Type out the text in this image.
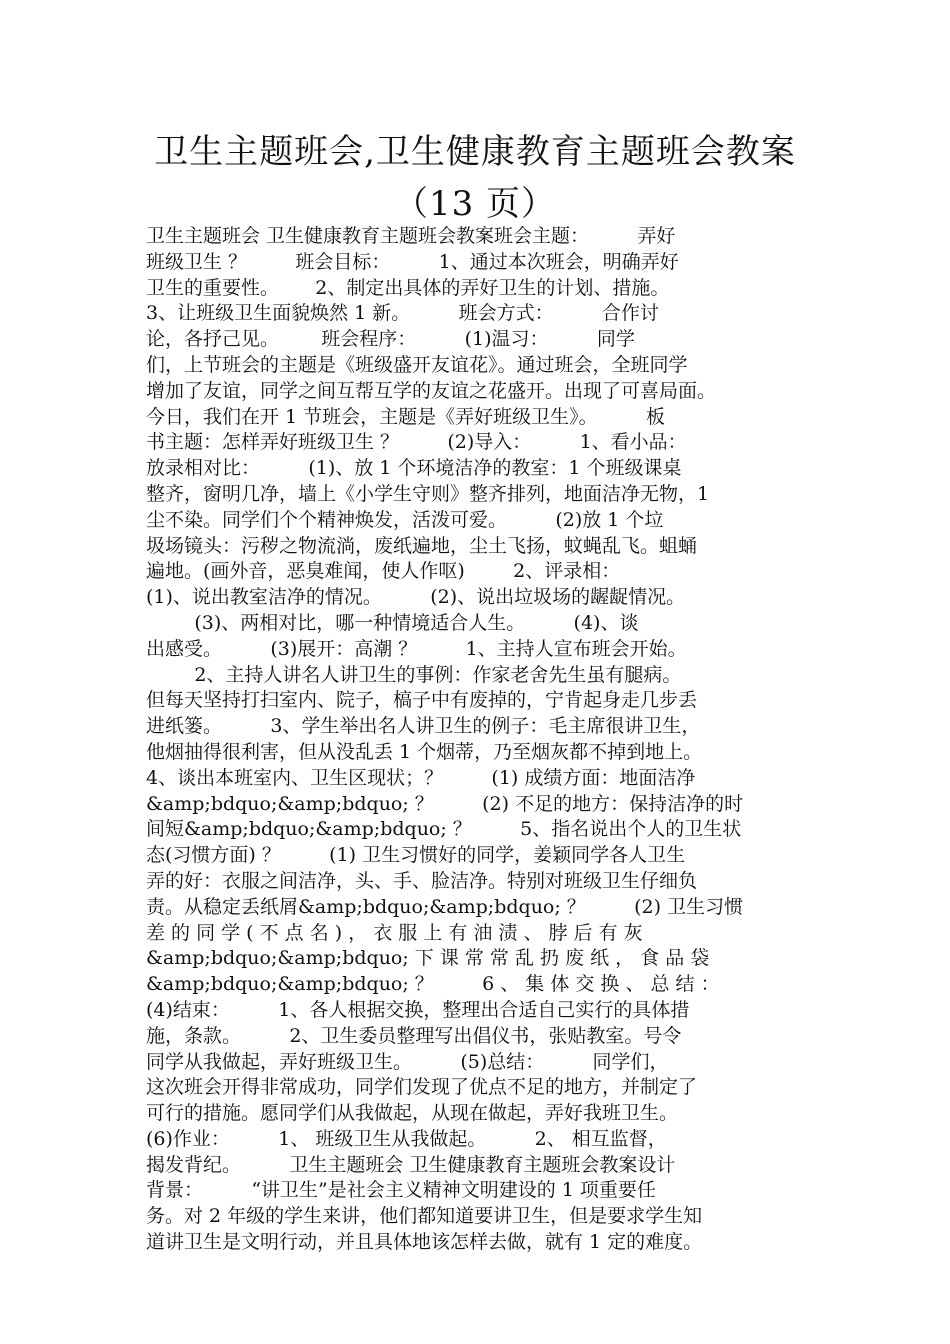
卫生主题班会,卫生健康教育主题班会教案
（13 页）
卫生主题班会 卫生健康教育主题班会教案班会主题：        弄好
班级卫生 ？        班会目标：        1、通过本次班会，明确弄好
卫生的重要性。      2、制定出具体的弄好卫生的计划、措施。
3、让班级卫生面貌焕然 1 新。        班会方式：        合作讨
论，各抒己见。       班会程序：        (1)温习：        同学
们，上节班会的主题是《班级盛开友谊花》。通过班会，全班同学
增加了友谊，同学之间互帮互学的友谊之花盛开。出现了可喜局面。
今日，我们在开 1 节班会，主题是《弄好班级卫生》。        板
书主题：怎样弄好班级卫生 ？        (2)导入：        1、看小品：
放录相对比：        (1)、放 1 个环境洁净的教室：1 个班级课桌
整齐，窗明几净，墙上《小学生守则》整齐排列，地面洁净无物，1
尘不染。同学们个个精神焕发，活泼可爱。        (2)放 1 个垃
圾场镜头：污秽之物流淌，废纸遍地，尘土飞扬，蚊蝇乱飞。蛆蛹
遍地。(画外音，恶臭难闻，使人作呕)        2、评录相：
(1)、说出教室洁净的情况。        (2)、说出垃圾场的龌龊情况。
(3)、两相对比，哪一种情境适合人生。        (4)、谈
出感受。        (3)展开：高潮 ？        1、主持人宣布班会开始。
2、主持人讲名人讲卫生的事例：作家老舍先生虽有腿病。
但每天坚持打扫室内、院子，槁子中有废掉的，宁肯起身走几步丢
进纸篓。        3、学生举出名人讲卫生的例子：毛主席很讲卫生，
他烟抽得很利害，但从没乱丢 1 个烟蒂，乃至烟灰都不掉到地上。
4、谈出本班室内、卫生区现状；？        (1) 成绩方面：地面洁净
&amp;bdquo;&amp;bdquo; ？        (2) 不足的地方：保持洁净的时
间短&amp;bdquo;&amp;bdquo; ？        5、指名说出个人的卫生状
态(习惯方面) ？        (1) 卫生习惯好的同学，姜颖同学各人卫生
弄的好：衣服之间洁净，头、手、脸洁净。特别对班级卫生仔细负
责。从稳定丢纸屑&amp;bdquo;&amp;bdquo; ？        (2) 卫生习惯
差 的 同 学 ( 不 点 名 ) ， 衣 服 上 有 油 渍 、 脖 后 有 灰
&amp;bdquo;&amp;bdquo; 下 课 常 常 乱 扔 废 纸 ， 食 品 袋
&amp;bdquo;&amp;bdquo; ？        6 、 集 体 交 换 、 总 结 ：
(4)结束：        1、各人根据交换，整理出合适自己实行的具体措
施，条款。        2、卫生委员整理写出倡仪书，张贴教室。号令
同学从我做起，弄好班级卫生。        (5)总结：        同学们，
这次班会开得非常成功，同学们发现了优点不足的地方，并制定了
可行的措施。愿同学们从我做起，从现在做起，弄好我班卫生。
(6)作业：        1、 班级卫生从我做起。        2、 相互监督，
揭发背纪。        卫生主题班会 卫生健康教育主题班会教案设计
背景：        “讲卫生”是社会主义精神文明建设的 1 项重要任
务。对 2 年级的学生来讲，他们都知道要讲卫生，但是要求学生知
道讲卫生是文明行动，并且具体地该怎样去做，就有 1 定的难度。
